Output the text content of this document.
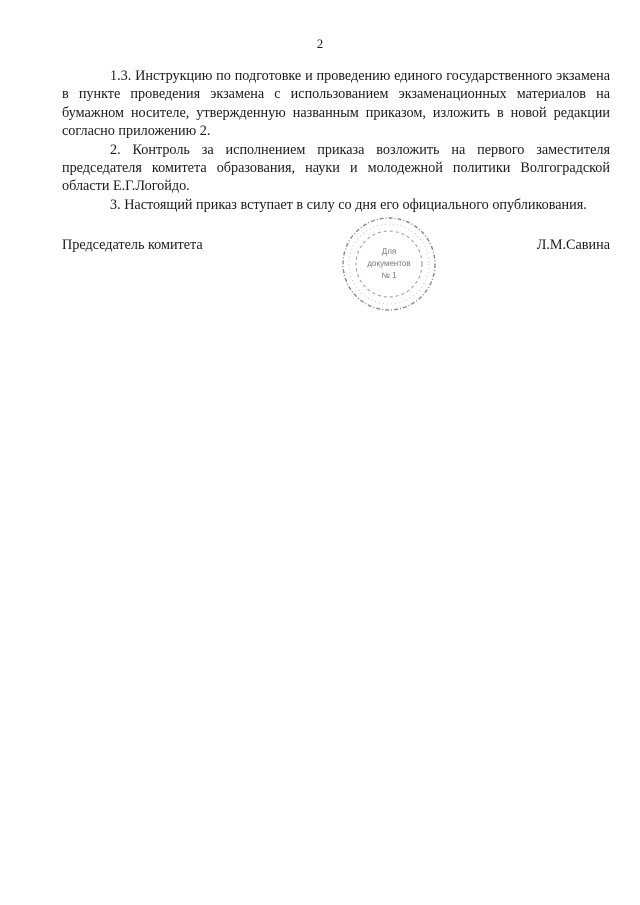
2

1.3. Инструкцию по подготовке и проведению единого государственного экзамена в пункте проведения экзамена с использованием экзаменационных материалов на бумажном носителе, утвержденную названным приказом, изложить в новой редакции согласно приложению 2.

2. Контроль за исполнением приказа возложить на первого заместителя председателя комитета образования, науки и молодежной политики Волгоградской области Е.Г.Логойдо.

3. Настоящий приказ вступает в силу со дня его официального опубликования.

Председатель комитета	Для
документов
№ 1
Л.М.Савина
